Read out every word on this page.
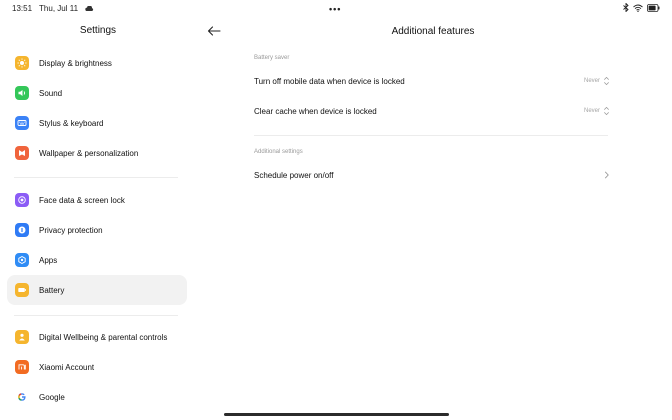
13:51 Thu, Jul 11	•••
Settings
Display & brightness
Sound
Stylus & keyboard
Wallpaper & personalization
Face data & screen lock
Privacy protection
Apps
Battery
Digital Wellbeing & parental controls
Xiaomi Account
Google
Additional features
Battery saver
Turn off mobile data when device is locked	Never
Clear cache when device is locked	Never
Additional settings
Schedule power on/off
